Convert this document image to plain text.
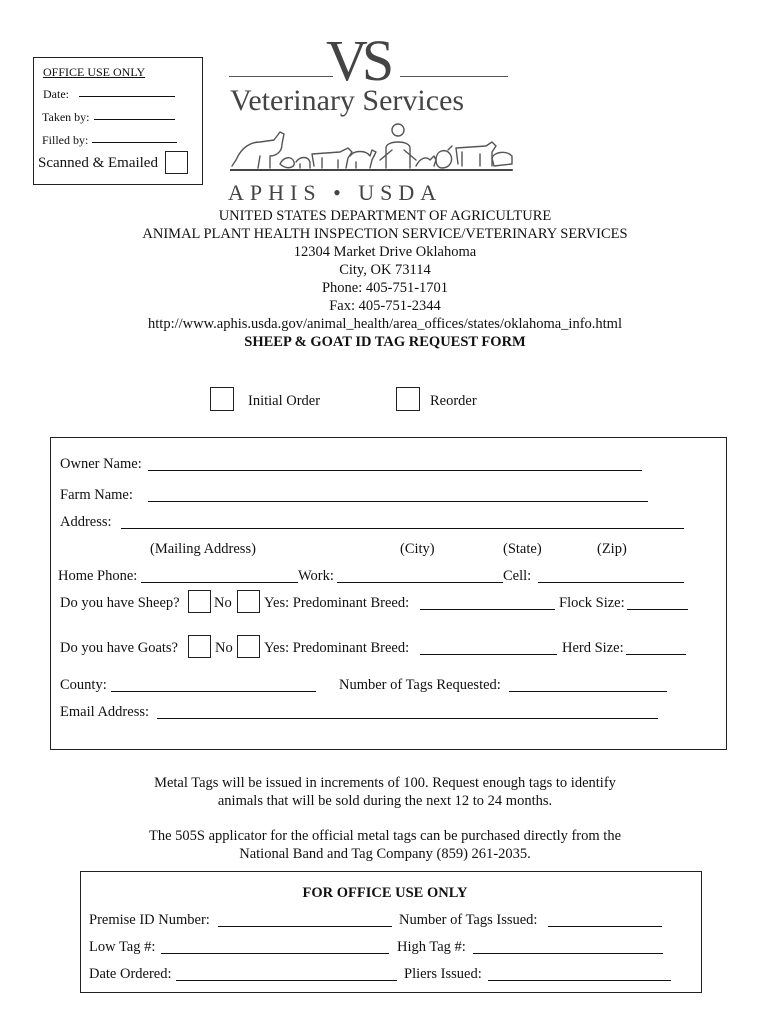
OFFICE USE ONLY
Date:
Taken by:
Filled by:
Scanned & Emailed
VS
Veterinary Services
APHIS • USDA
UNITED STATES DEPARTMENT OF AGRICULTURE
ANIMAL PLANT HEALTH INSPECTION SERVICE/VETERINARY SERVICES
12304 Market Drive Oklahoma
City, OK 73114
Phone: 405-751-1701
Fax: 405-751-2344
http://www.aphis.usda.gov/animal_health/area_offices/states/oklahoma_info.html
SHEEP & GOAT ID TAG REQUEST FORM
Initial Order	Reorder
Owner Name:
Farm Name:
Address:
(Mailing Address)	(City)	(State)	(Zip)
Home Phone:	Work:	Cell:
Do you have Sheep? No Yes: Predominant Breed:	Flock Size:
Do you have Goats?	No Yes: Predominant Breed:	Herd Size:
County:	Number of Tags Requested:
Email Address:
Metal Tags will be issued in increments of 100. Request enough tags to identify
animals that will be sold during the next 12 to 24 months.
The 505S applicator for the official metal tags can be purchased directly from the
National Band and Tag Company (859) 261-2035.
FOR OFFICE USE ONLY
Premise ID Number:	Number of Tags Issued:
Low Tag #:	High Tag #:
Date Ordered:	Pliers Issued:
